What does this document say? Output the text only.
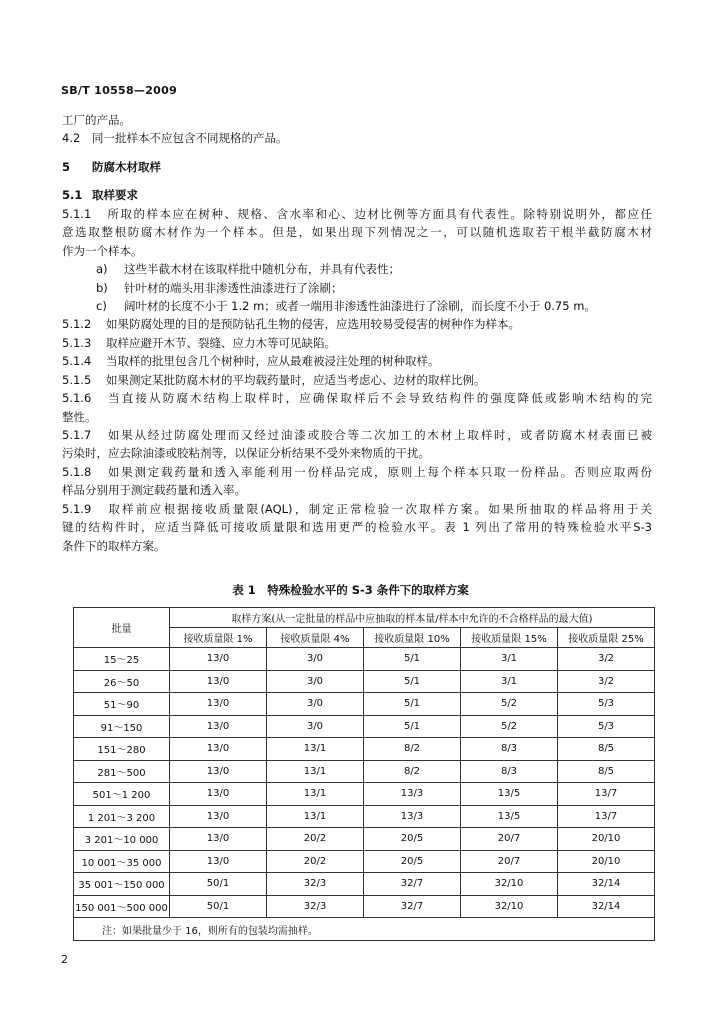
SB/T 10558—2009
工厂的产品。
4.2 同一批样本不应包含不同规格的产品。
5 防腐木材取样
5.1 取样要求
5.1.1 所取的样本应在树种、规格、含水率和心、边材比例等方面具有代表性。除特别说明外，都应任
意选取整根防腐木材作为一个样本。但是，如果出现下列情况之一，可以随机选取若干根半截防腐木材
作为一个样本。
a) 这些半截木材在该取样批中随机分布，并具有代表性；
b) 针叶材的端头用非渗透性油漆进行了涂刷；
c) 阔叶材的长度不小于 1.2 m；或者一端用非渗透性油漆进行了涂刷，而长度不小于 0.75 m。
5.1.2 如果防腐处理的目的是预防钻孔生物的侵害，应选用较易受侵害的树种作为样本。
5.1.3 取样应避开木节、裂缝、应力木等可见缺陷。
5.1.4 当取样的批里包含几个树种时，应从最难被浸注处理的树种取样。
5.1.5 如果测定某批防腐木材的平均载药量时，应适当考虑心、边材的取样比例。
5.1.6 当直接从防腐木结构上取样时，应确保取样后不会导致结构件的强度降低或影响木结构的完
整性。
5.1.7 如果从经过防腐处理而又经过油漆或胶合等二次加工的木材上取样时，或者防腐木材表面已被
污染时，应去除油漆或胶粘剂等，以保证分析结果不受外来物质的干扰。
5.1.8 如果测定载药量和透入率能利用一份样品完成，原则上每个样本只取一份样品。否则应取两份
样品分别用于测定载药量和透入率。
5.1.9 取样前应根据接收质量限(AQL)，制定正常检验一次取样方案。如果所抽取的样品将用于关
键的结构件时，应适当降低可接收质量限和选用更严的检验水平。表 1 列出了常用的特殊检验水平S-3
条件下的取样方案。
表 1　特殊检验水平的 S-3 条件下的取样方案
批量	取样方案(从一定批量的样品中应抽取的样本量/样本中允许的不合格样品的最大值)				
	接收质量限 1%	接收质量限 4%	接收质量限 10%	接收质量限 15%	接收质量限 25%
15～25	13/0	3/0	5/1	3/1	3/2
26～50	13/0	3/0	5/1	3/1	3/2
51～90	13/0	3/0	5/1	5/2	5/3
91～150	13/0	3/0	5/1	5/2	5/3
151～280	13/0	13/1	8/2	8/3	8/5
281～500	13/0	13/1	8/2	8/3	8/5
501～1 200	13/0	13/1	13/3	13/5	13/7
1 201～3 200	13/0	13/1	13/3	13/5	13/7
3 201～10 000	13/0	20/2	20/5	20/7	20/10
10 001～35 000	13/0	20/2	20/5	20/7	20/10
35 001～150 000	50/1	32/3	32/7	32/10	32/14
150 001～500 000	50/1	32/3	32/7	32/10	32/14
注：如果批量少于 16，则所有的包装均需抽样。					
2
